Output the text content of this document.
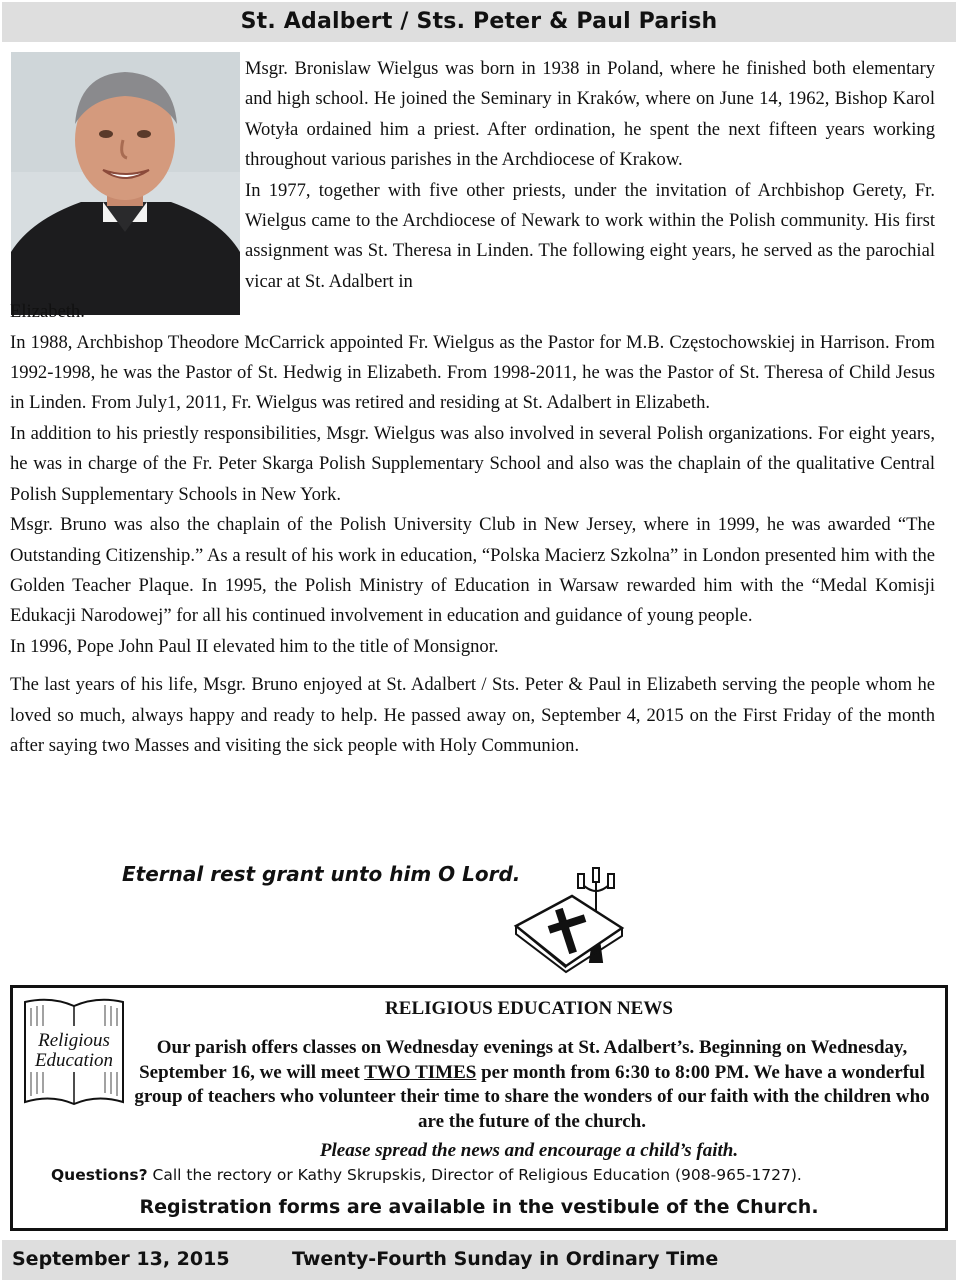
St. Adalbert / Sts. Peter & Paul Parish

Msgr. Bronislaw Wielgus was born in 1938 in Poland, where he finished both elementary and high school. He joined the Seminary in Kraków, where on June 14, 1962, Bishop Karol Wotyła ordained him a priest. After ordination, he spent the next fifteen years working throughout various parishes in the Archdiocese of Krakow.

In 1977, together with five other priests, under the invitation of Archbishop Gerety, Fr. Wielgus came to the Archdiocese of Newark to work within the Polish community. His first assignment was St. Theresa in Linden. The following eight years, he served as the parochial vicar at St. Adalbert in

Elizabeth.

In 1988, Archbishop Theodore McCarrick appointed Fr. Wielgus as the Pastor for M.B. Częstochowskiej in Harrison. From 1992-1998, he was the Pastor of St. Hedwig in Elizabeth. From 1998-2011, he was the Pastor of St. Theresa of Child Jesus in Linden. From July1, 2011, Fr. Wielgus was retired and residing at St. Adalbert in Elizabeth.

In addition to his priestly responsibilities, Msgr. Wielgus was also involved in several Polish organizations. For eight years, he was in charge of the Fr. Peter Skarga Polish Supplementary School and also was the chaplain of the qualitative Central Polish Supplementary Schools in New York.

Msgr. Bruno was also the chaplain of the Polish University Club in New Jersey, where in 1999, he was awarded “The Outstanding Citizenship.” As a result of his work in education, “Polska Macierz Szkolna” in London presented him with the Golden Teacher Plaque. In 1995, the Polish Ministry of Education in Warsaw rewarded him with the “Medal Komisji Edukacji Narodowej” for all his continued involvement in education and guidance of young people.

In 1996, Pope John Paul II elevated him to the title of Monsignor.

The last years of his life, Msgr. Bruno enjoyed at St. Adalbert / Sts. Peter & Paul in Elizabeth serving the people whom he loved so much, always happy and ready to help. He passed away on, September 4, 2015 on the First Friday of the month after saying two Masses and visiting the sick people with Holy Communion.

Eternal rest grant unto him O Lord.
Religious
Education
RELIGIOUS EDUCATION NEWS
Our parish offers classes on Wednesday evenings at St. Adalbert’s. Beginning on Wednesday, September 16, we will meet TWO TIMES per month from 6:30 to 8:00 PM. We have a wonderful group of teachers who volunteer their time to share the wonders of our faith with the children who are the future of the church.
Please spread the news and encourage a child’s faith.
Questions? Call the rectory or Kathy Skrupskis, Director of Religious Education (908-965-1727).
Registration forms are available in the vestibule of the Church.
September 13, 2015	Twenty-Fourth Sunday in Ordinary Time
